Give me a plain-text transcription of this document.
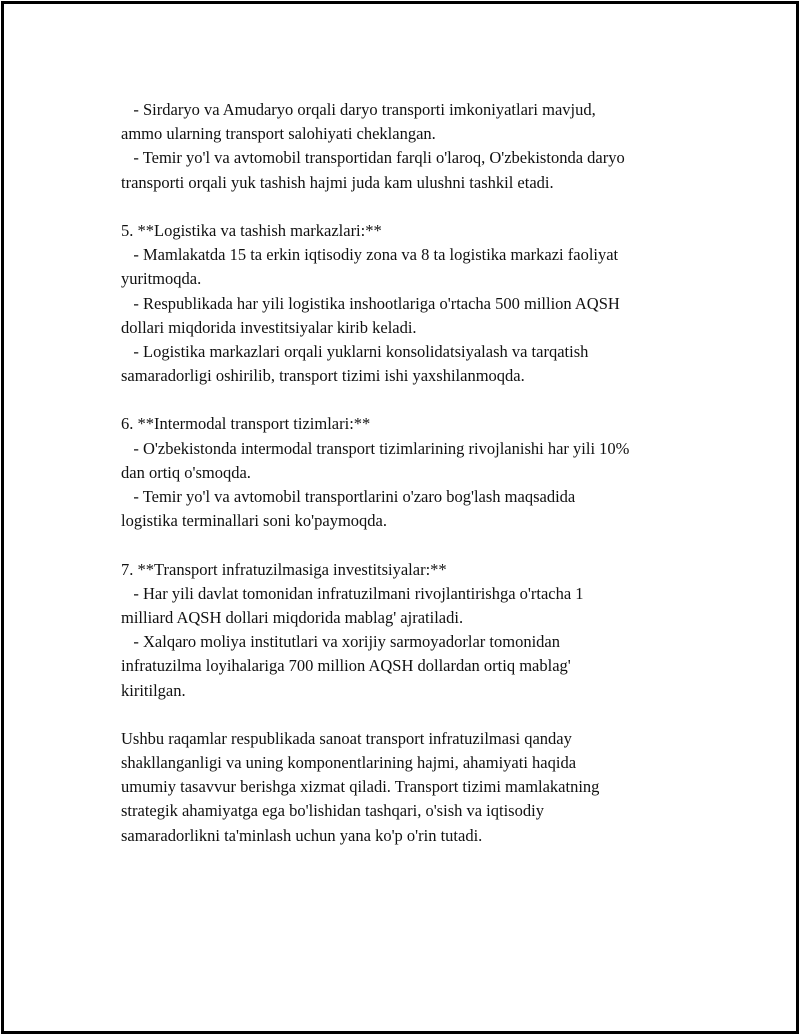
- Sirdaryo va Amudaryo orqali daryo transporti imkoniyatlari mavjud,
ammo ularning transport salohiyati cheklangan.
- Temir yo'l va avtomobil transportidan farqli o'laroq, O'zbekistonda daryo
transporti orqali yuk tashish hajmi juda kam ulushni tashkil etadi.
5. **Logistika va tashish markazlari:**
- Mamlakatda 15 ta erkin iqtisodiy zona va 8 ta logistika markazi faoliyat
yuritmoqda.
- Respublikada har yili logistika inshootlariga o'rtacha 500 million AQSH
dollari miqdorida investitsiyalar kirib keladi.
- Logistika markazlari orqali yuklarni konsolidatsiyalash va tarqatish
samaradorligi oshirilib, transport tizimi ishi yaxshilanmoqda.
6. **Intermodal transport tizimlari:**
- O'zbekistonda intermodal transport tizimlarining rivojlanishi har yili 10%
dan ortiq o'smoqda.
- Temir yo'l va avtomobil transportlarini o'zaro bog'lash maqsadida
logistika terminallari soni ko'paymoqda.
7. **Transport infratuzilmasiga investitsiyalar:**
- Har yili davlat tomonidan infratuzilmani rivojlantirishga o'rtacha 1
milliard AQSH dollari miqdorida mablag' ajratiladi.
- Xalqaro moliya institutlari va xorijiy sarmoyadorlar tomonidan
infratuzilma loyihalariga 700 million AQSH dollardan ortiq mablag'
kiritilgan.
Ushbu raqamlar respublikada sanoat transport infratuzilmasi qanday
shakllanganligi va uning komponentlarining hajmi, ahamiyati haqida
umumiy tasavvur berishga xizmat qiladi. Transport tizimi mamlakatning
strategik ahamiyatga ega bo'lishidan tashqari, o'sish va iqtisodiy
samaradorlikni ta'minlash uchun yana ko'p o'rin tutadi.
